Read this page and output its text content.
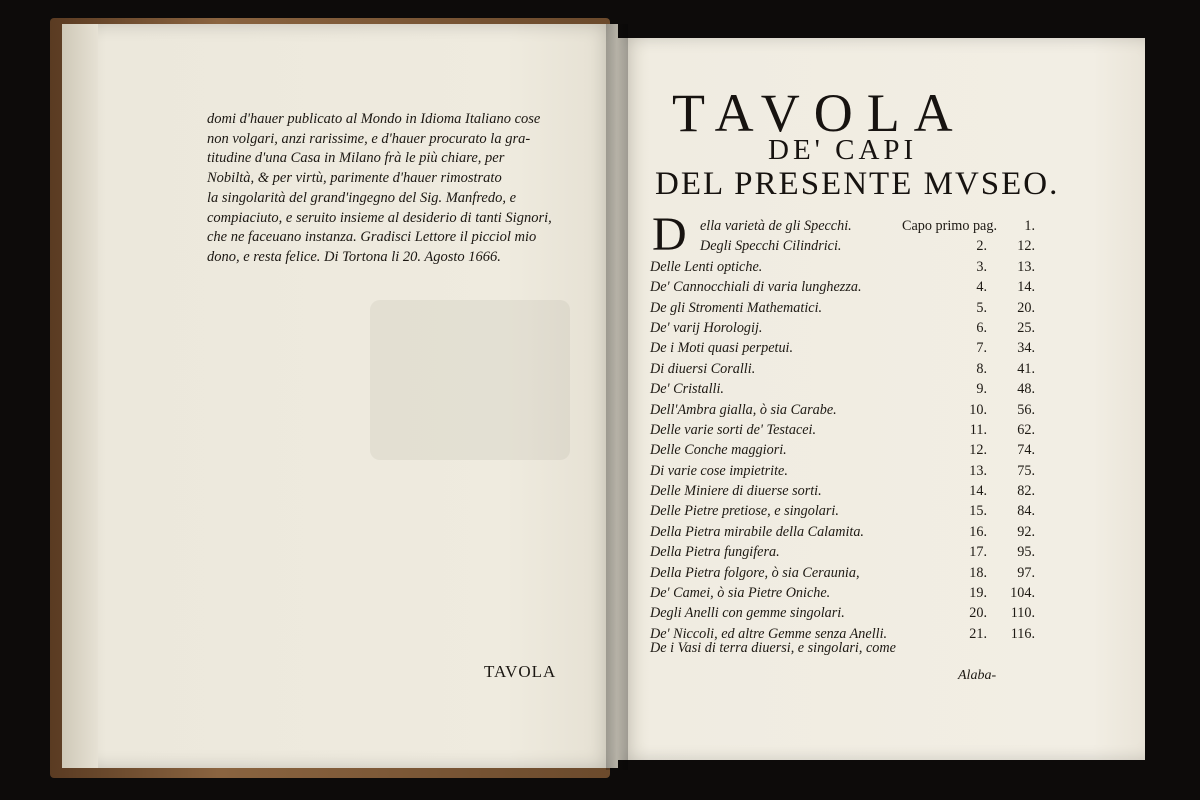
domi d'hauer publicato al Mondo in Idioma Italiano cose
non volgari, anzi rarissime, e d'hauer procurato la gra-
titudine d'una Casa in Milano frà le più chiare, per
Nobiltà, & per virtù, parimente d'hauer rimostrato
la singolarità del grand'ingegno del Sig. Manfredo, e
compiaciuto, e seruito insieme al desiderio di tanti Signori,
che ne faceuano instanza. Gradisci Lettore il picciol mio
dono, e resta felice. Di Tortona li 20. Agosto 1666.
TAVOLA
TAVOLA
DE' CAPI
DEL PRESENTE MVSEO.
D ella varietà de gli Specchi.	Capo primo pag.	1.
Degli Specchi Cilindrici.	2.	12.
Delle Lenti optiche.	3.	13.
De' Cannocchiali di varia lunghezza.	4.	14.
De gli Stromenti Mathematici.	5.	20.
De' varij Horologij.	6.	25.
De i Moti quasi perpetui.	7.	34.
Di diuersi Coralli.	8.	41.
De' Cristalli.	9.	48.
Dell'Ambra gialla, ò sia Carabe.	10.	56.
Delle varie sorti de' Testacei.	11.	62.
Delle Conche maggiori.	12.	74.
Di varie cose impietrite.	13.	75.
Delle Miniere di diuerse sorti.	14.	82.
Delle Pietre pretiose, e singolari.	15.	84.
Della Pietra mirabile della Calamita.	16.	92.
Della Pietra fungifera.	17.	95.
Della Pietra folgore, ò sia Ceraunia,	18.	97.
De' Camei, ò sia Pietre Oniche.	19.	104.
Degli Anelli con gemme singolari.	20.	110.
De' Niccoli, ed altre Gemme senza Anelli.	21.	116.
De i Vasi di terra diuersi, e singolari, come
Alaba-
